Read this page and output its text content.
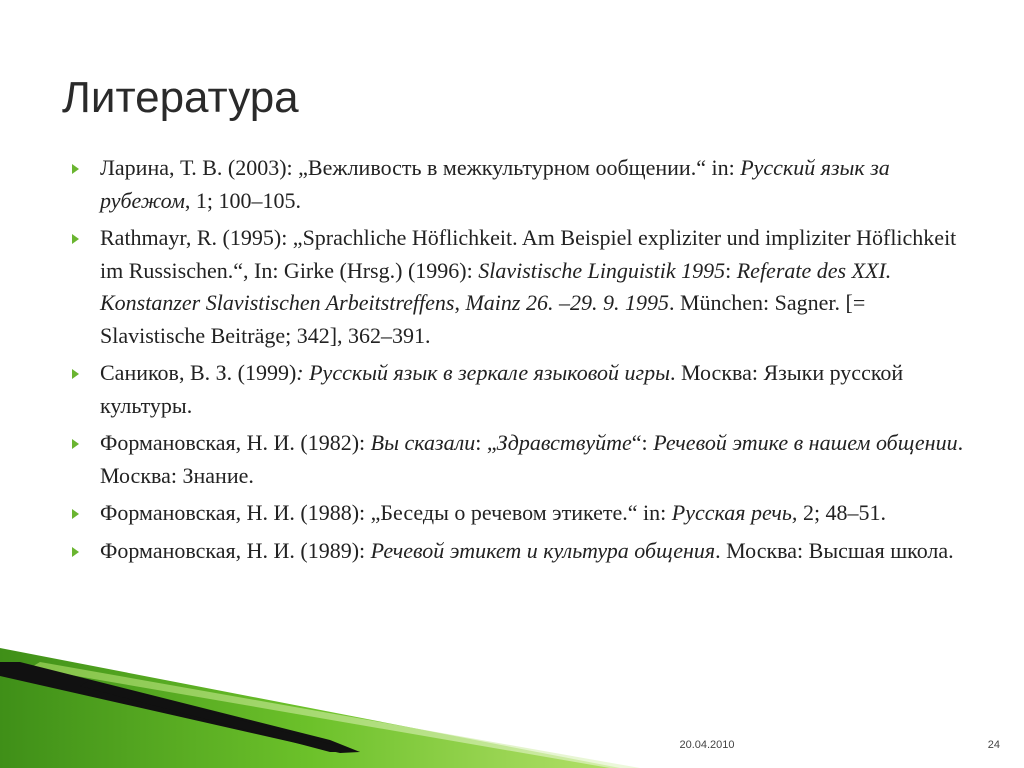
Литература
Ларина, Т. В. (2003): „Вежливость в межкультурном ообщении.“ in: Русский язык за рубежом, 1; 100–105.
Rathmayr, R. (1995): „Sprachliche Höflichkeit. Am Beispiel expliziter und impliziter Höflichkeit im Russischen.“, In: Girke (Hrsg.) (1996): Slavistische Linguistik 1995: Referate des XXI. Konstanzer Slavistischen Arbeitstreffens, Mainz 26. –29. 9. 1995. München: Sagner. [= Slavistische Beiträge; 342], 362–391.
Саников, В. З. (1999): Русскый язык в зеркале языковой игры. Москва: Языки русской культуры.
Формановская, Н. И. (1982): Вы сказали: „Здравствуйте“: Речевой этике в нашем общении. Москва: Знание.
Формановская, Н. И. (1988): „Беседы о речевом этикете.“ in: Русская речь, 2; 48–51.
Формановская, Н. И. (1989): Речевой этикет и культура общения. Москва: Высшая школа.
20.04.2010	24
